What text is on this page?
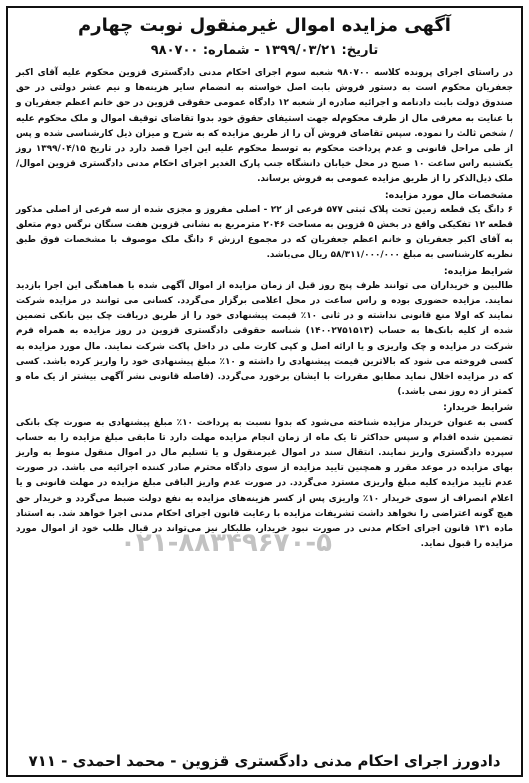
آگهی مزایده اموال غیرمنقول نوبت چهارم
تاریخ: ۱۳۹۹/۰۳/۲۱ - شماره: ۹۸۰۷۰۰

در راستای اجرای پرونده کلاسه ۹۸۰۷۰۰ شعبه سوم اجرای احکام مدنی دادگستری قزوین محکوم علیه آقای اکبر جعفریان محکوم است به دستور فروش بابت اصل خواسته به انضمام سایر هزینه‌ها و نیم عشر دولتی در حق صندوق دولت بابت دادنامه و اجرائیه صادره از شعبه ۱۲ دادگاه عمومی حقوقی قزوین در حق خانم اعظم جعفریان و با عنایت به معرفی مال از طرف محکوم‌له جهت استیفای حقوق خود بدوا تقاضای توقیف اموال و ملک محکوم علیه / شخص ثالث را نموده. سپس تقاضای فروش آن را از طریق مزایده که به شرح و میزان ذیل کارشناسی شده و پس از طی مراحل قانونی و عدم پرداخت محکوم به توسط محکوم علیه این اجرا قصد دارد در تاریخ ۱۳۹۹/۰۴/۱۵ روز یکشنبه راس ساعت ۱۰ صبح در محل خیابان دانشگاه جنب پارک الغدیر اجرای احکام مدنی دادگستری قزوین اموال/ ملک ذیل‌الذکر را از طریق مزایده عمومی به فروش برساند.

مشخصات مال مورد مزایده:

۶ دانگ یک قطعه زمین تحت پلاک ثبتی ۵۷۷ فرعی از ۲۲ - اصلی مفروز و مجزی شده از سه فرعی از اصلی مذکور قطعه ۱۲ تفکیکی واقع در بخش ۵ قزوین به مساحت ۲۰۴۶ مترمربع به نشانی قزوین هفت سنگان نرگس دوم متعلق به آقای اکبر جعفریان و خانم اعظم جعفریان که در مجموع ارزش ۶ دانگ ملک موصوف با مشخصات فوق طبق نظریه کارشناسی به مبلغ ۵۸/۳۱۱/۰۰۰/۰۰۰ ریال می‌باشد.

شرایط مزایده:

طالبین و خریداران می توانند ظرف پنج روز قبل از زمان مزایده از اموال آگهی شده با هماهنگی این اجرا بازدید نمایند. مزایده حضوری بوده و راس ساعت در محل اعلامی برگزار می‌گردد. کسانی می توانند در مزایده شرکت نمایند که اولا منع قانونی نداشته و در ثانی ۱۰٪ قیمت پیشنهادی خود را از طریق دریافت چک بین بانکی تضمین شده از کلیه بانک‌ها به حساب (۱۴۰۰۲۷۵۱۵۱۳) شناسه حقوقی دادگستری قزوین در روز مزایده به همراه فرم شرکت در مزایده و چک واریزی و یا ارائه اصل و کپی کارت ملی در داخل پاکت شرکت نمایند. مال مورد مزایده به کسی فروخته می شود که بالاترین قیمت پیشنهادی را داشته و ۱۰٪ مبلغ پیشنهادی خود را واریز کرده باشد. کسی که در مزایده اخلال نماید مطابق مقررات با ایشان برخورد می‌گردد. (فاصله قانونی نشر آگهی بیشتر از یک ماه و کمتر از ده روز نمی باشد.)

شرایط خریدار:

کسی به عنوان خریدار مزایده شناخته می‌شود که بدوا نسبت به پرداخت ۱۰٪ مبلغ پیشنهادی به صورت چک بانکی تضمین شده اقدام و سپس حداکثر تا یک ماه از زمان انجام مزایده مهلت دارد تا مابقی مبلغ مزایده را به حساب سپرده دادگستری واریز نمایند. انتقال سند در اموال غیرمنقول و یا تسلیم مال در اموال منقول منوط به واریز بهای مزایده در موعد مقرر و همچنین تایید مزایده از سوی دادگاه محترم صادر کننده اجرائیه می باشد. در صورت عدم تایید مزایده کلیه مبلغ واریزی مسترد می‌گردد. در صورت عدم واریز الباقی مبلغ مزایده در مهلت قانونی و یا اعلام انصراف از سوی خریدار ۱۰٪ واریزی پس از کسر هزینه‌های مزایده به نفع دولت ضبط می‌گردد و خریدار حق هیچ گونه اعتراضی را نخواهد داشت تشریفات مزایده با رعایت قانون اجرای احکام مدنی اجرا خواهد شد. به استناد ماده ۱۳۱ قانون اجرای احکام مدنی در صورت نبود خریدار، طلبکار نیز می‌تواند در قبال طلب خود از اموال مورد مزایده را قبول نماید.

دادورز اجرای احکام مدنی دادگستری قزوین - محمد احمدی - ۷۱۱
۰۲۱-۸۸۳۴۹۶۷۰-۵
